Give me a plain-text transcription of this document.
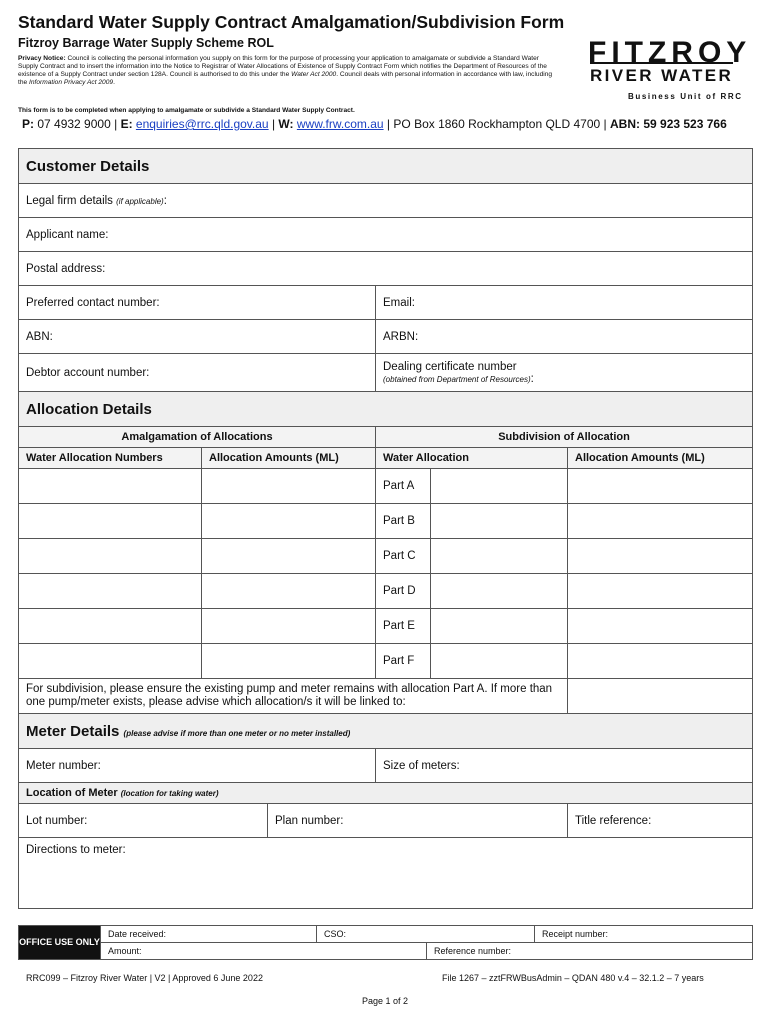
Standard Water Supply Contract Amalgamation/Subdivision Form
Fitzroy Barrage Water Supply Scheme ROL
Privacy Notice: Council is collecting the personal information you supply on this form for the purpose of processing your application to amalgamate or subdivide a Standard Water Supply Contract and to insert the information into the Notice to Registrar of Water Allocations of Existence of Supply Contract Form which notifies the Department of Resources of the existence of a Supply Contract under section 128A. Council is authorised to do this under the Water Act 2000. Council deals with personal information in accordance with law, including the Information Privacy Act 2009.
This form is to be completed when applying to amalgamate or subdivide a Standard Water Supply Contract.
P: 07 4932 9000 | E: enquiries@rrc.qld.gov.au | W: www.frw.com.au | PO Box 1860 Rockhampton QLD 4700 | ABN: 59 923 523 766
FITZROY
RIVER WATER
Business Unit of RRC
Customer Details					
Legal firm details (if applicable):					
Applicant name:					
Postal address:					
Preferred contact number:			Email:		
ABN:			ARBN:		
Debtor account number:			Dealing certificate number
(obtained from Department of Resources):		

Allocation Details					
Amalgamation of Allocations			Subdivision of Allocation		
Water Allocation Numbers	Allocation Amounts (ML)		Water Allocation		Allocation Amounts (ML)
			Part A		
			Part B		
			Part C		
			Part D		
			Part E		
			Part F		
For subdivision, please ensure the existing pump and meter remains with allocation Part A. If more than one pump/meter exists, please advise which allocation/s it will be linked to:					
Meter Details (please advise if more than one meter or no meter installed)					
Meter number:			Size of meters:		
Location of Meter (location for taking water)					
Lot number:		Plan number:			Title reference:
Directions to meter:					
OFFICE USE ONLY	Date received:	CSO:		Receipt number:
	Amount:		Reference number:	
RRC099 – Fitzroy River Water | V2 | Approved 6 June 2022	File 1267 – zztFRWBusAdmin – QDAN 480 v.4 – 32.1.2 – 7 years
Page 1 of 2
